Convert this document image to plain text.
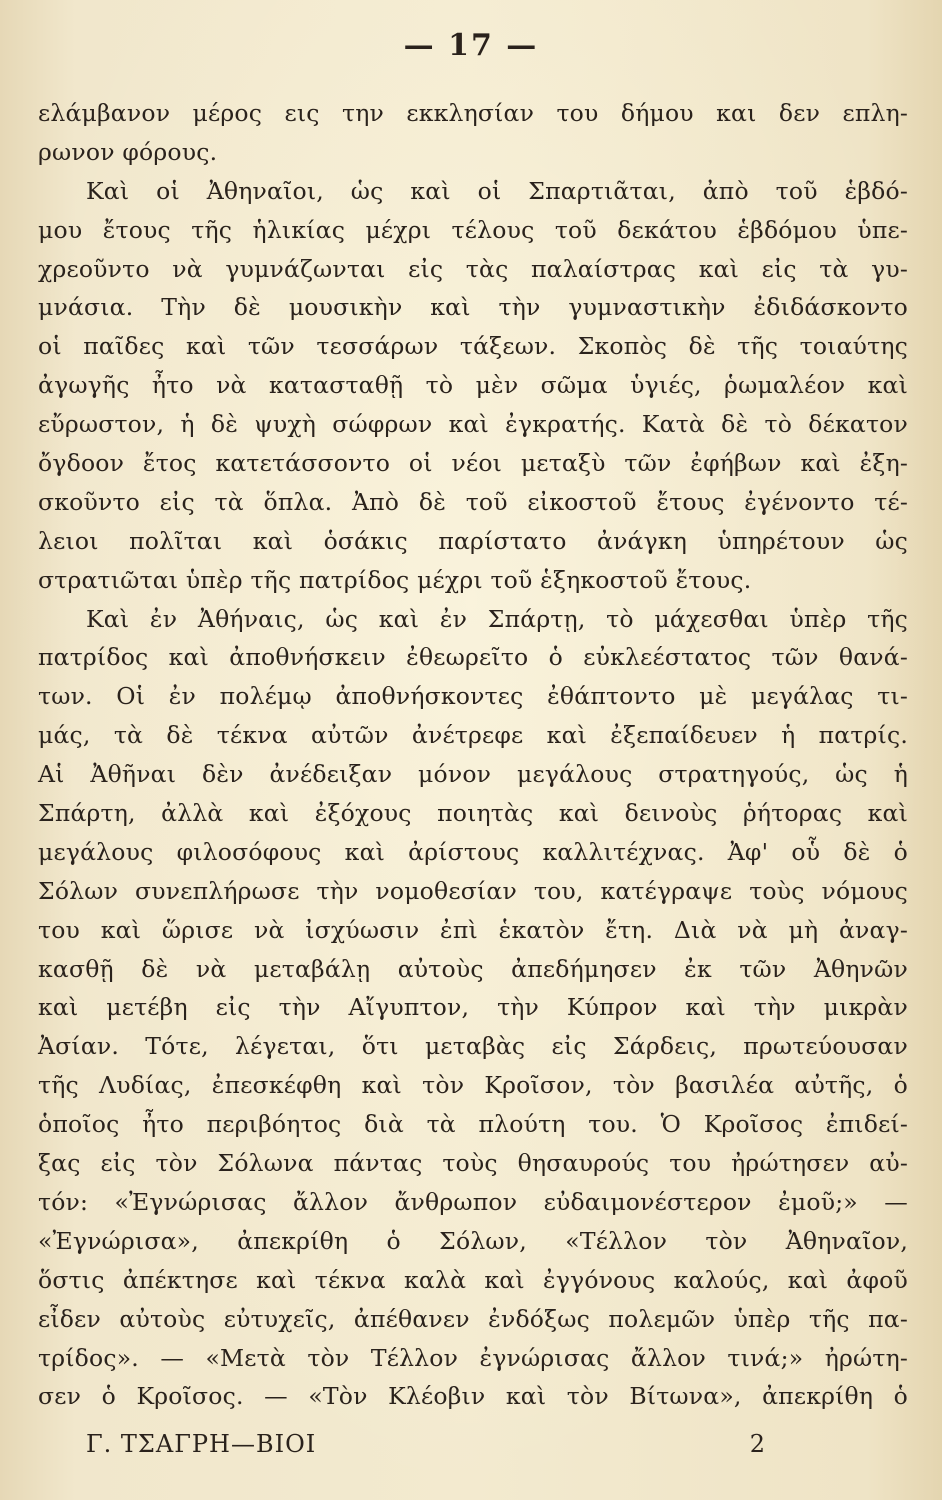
— 17 —
ελάμβανον μέρος εις την εκκλησίαν του δήμου και δεν επλη-
ρωνον φόρους.
Καὶ οἱ Ἀθηναῖοι, ὡς καὶ οἱ Σπαρτιᾶται, ἀπὸ τοῦ ἑβδό-
μου ἔτους τῆς ἡλικίας μέχρι τέλους τοῦ δεκάτου ἑβδόμου ὑπε-
χρεοῦντο νὰ γυμνάζωνται εἰς τὰς παλαίστρας καὶ εἰς τὰ γυ-
μνάσια. Τὴν δὲ μουσικὴν καὶ τὴν γυμναστικὴν ἐδιδάσκοντο
οἱ παῖδες καὶ τῶν τεσσάρων τάξεων. Σκοπὸς δὲ τῆς τοιαύτης
ἀγωγῆς ἦτο νὰ κατασταθῇ τὸ μὲν σῶμα ὑγιές, ῥωμαλέον καὶ
εὔρωστον, ἡ δὲ ψυχὴ σώφρων καὶ ἐγκρατής. Κατὰ δὲ τὸ δέκατον
ὄγδοον ἔτος κατετάσσοντο οἱ νέοι μεταξὺ τῶν ἐφήβων καὶ ἐξη-
σκοῦντο εἰς τὰ ὅπλα. Ἀπὸ δὲ τοῦ εἰκοστοῦ ἔτους ἐγένοντο τέ-
λειοι πολῖται καὶ ὁσάκις παρίστατο ἀνάγκη ὑπηρέτουν ὡς
στρατιῶται ὑπὲρ τῆς πατρίδος μέχρι τοῦ ἑξηκοστοῦ ἔτους.
Καὶ ἐν Ἀθήναις, ὡς καὶ ἐν Σπάρτῃ, τὸ μάχεσθαι ὑπὲρ τῆς
πατρίδος καὶ ἀποθνήσκειν ἐθεωρεῖτο ὁ εὐκλεέστατος τῶν θανά-
των. Οἱ ἐν πολέμῳ ἀποθνήσκοντες ἐθάπτοντο μὲ μεγάλας τι-
μάς, τὰ δὲ τέκνα αὐτῶν ἀνέτρεφε καὶ ἐξεπαίδευεν ἡ πατρίς.
Αἱ Ἀθῆναι δὲν ἀνέδειξαν μόνον μεγάλους στρατηγούς, ὡς ἡ
Σπάρτη, ἀλλὰ καὶ ἐξόχους ποιητὰς καὶ δεινοὺς ῥήτορας καὶ
μεγάλους φιλοσόφους καὶ ἀρίστους καλλιτέχνας. Ἀφ' οὗ δὲ ὁ
Σόλων συνεπλήρωσε τὴν νομοθεσίαν του, κατέγραψε τοὺς νόμους
του καὶ ὥρισε νὰ ἰσχύωσιν ἐπὶ ἑκατὸν ἔτη. Διὰ νὰ μὴ ἀναγ-
κασθῇ δὲ νὰ μεταβάλῃ αὐτοὺς ἀπεδήμησεν ἐκ τῶν Ἀθηνῶν
καὶ μετέβη εἰς τὴν Αἴγυπτον, τὴν Κύπρον καὶ τὴν μικρὰν
Ἀσίαν. Τότε, λέγεται, ὅτι μεταβὰς εἰς Σάρδεις, πρωτεύουσαν
τῆς Λυδίας, ἐπεσκέφθη καὶ τὸν Κροῖσον, τὸν βασιλέα αὐτῆς, ὁ
ὁποῖος ἦτο περιβόητος διὰ τὰ πλούτη του. Ὁ Κροῖσος ἐπιδεί-
ξας εἰς τὸν Σόλωνα πάντας τοὺς θησαυρούς του ἠρώτησεν αὐ-
τόν: «Ἐγνώρισας ἄλλον ἄνθρωπον εὐδαιμονέστερον ἐμοῦ;» —
«Ἐγνώρισα», ἀπεκρίθη ὁ Σόλων, «Τέλλον τὸν Ἀθηναῖον,
ὅστις ἀπέκτησε καὶ τέκνα καλὰ καὶ ἐγγόνους καλούς, καὶ ἀφοῦ
εἶδεν αὐτοὺς εὐτυχεῖς, ἀπέθανεν ἐνδόξως πολεμῶν ὑπὲρ τῆς πα-
τρίδος». — «Μετὰ τὸν Τέλλον ἐγνώρισας ἄλλον τινά;» ἠρώτη-
σεν ὁ Κροῖσος. — «Τὸν Κλέοβιν καὶ τὸν Βίτωνα», ἀπεκρίθη ὁ
Γ. ΤΣΑΓΡΗ—ΒΙΟΙ	2
